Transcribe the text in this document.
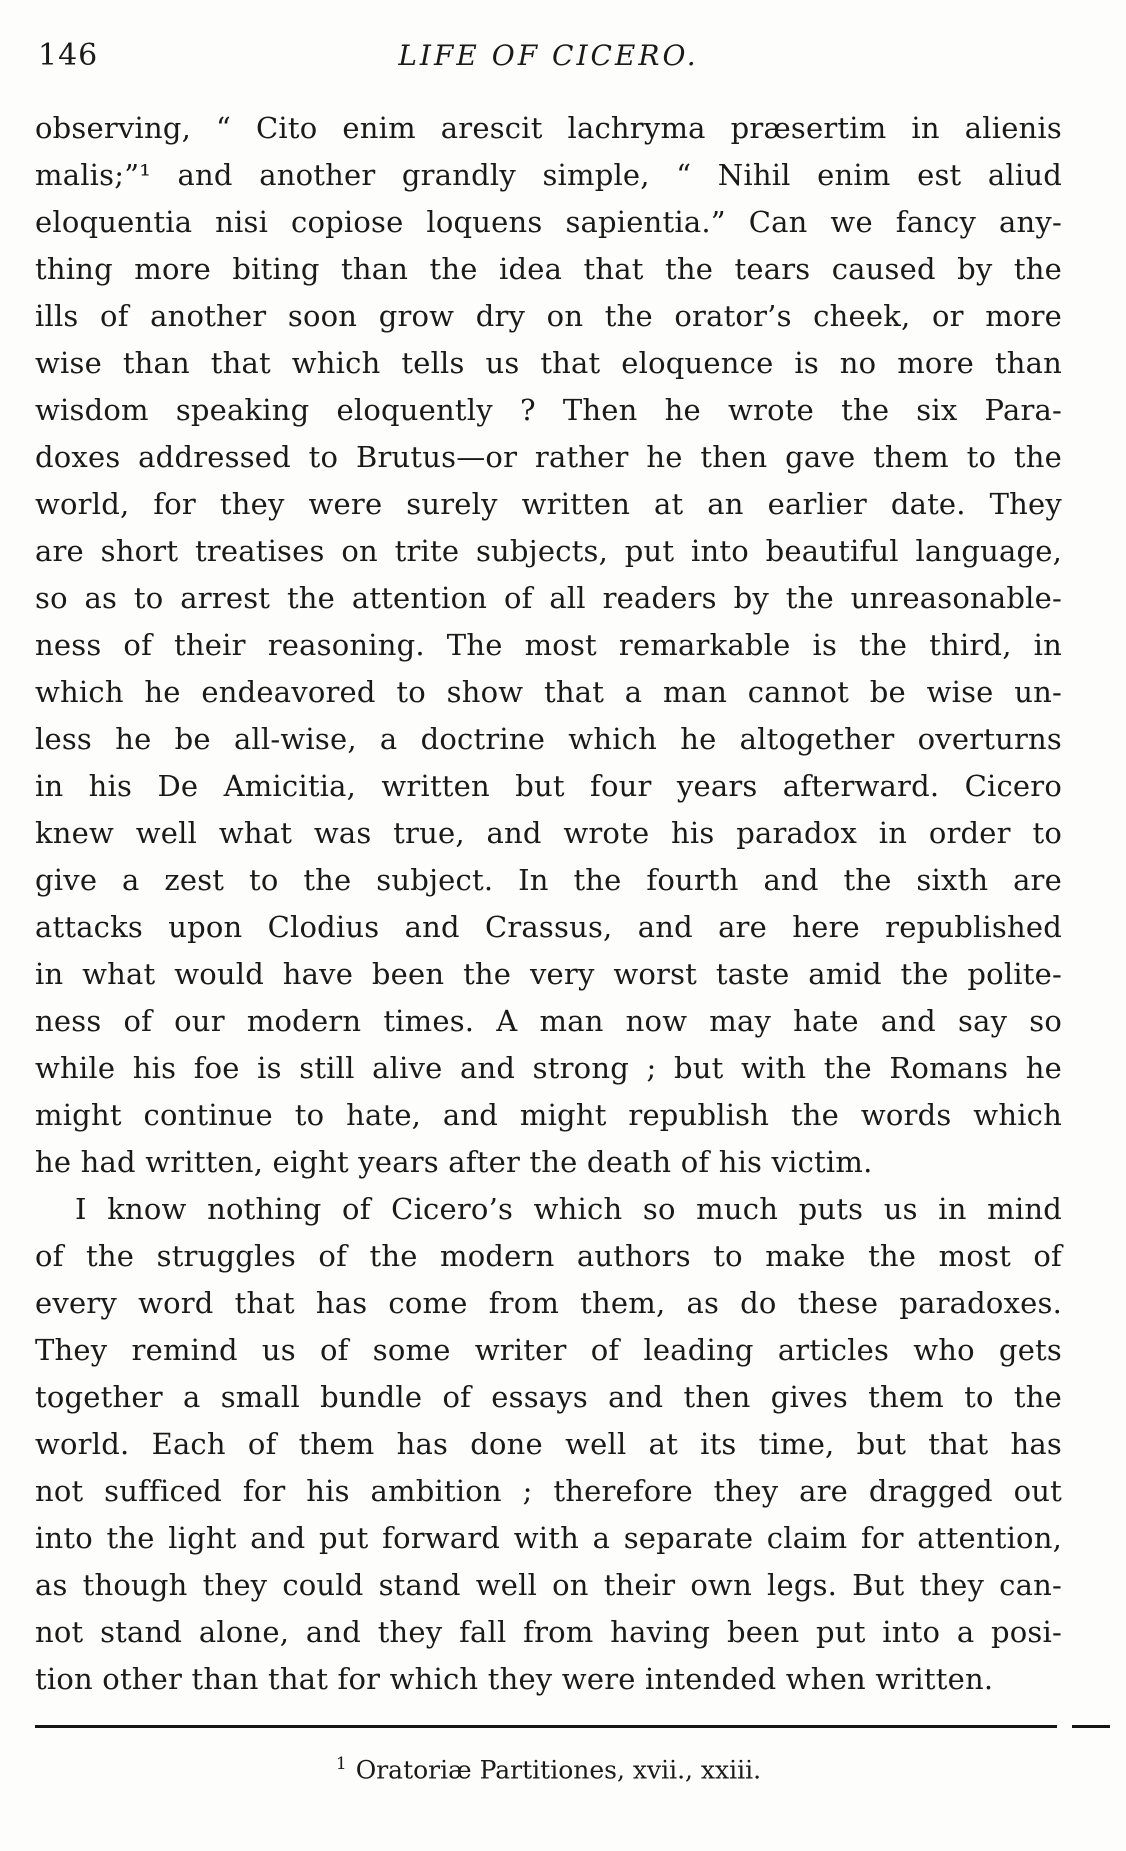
146	LIFE OF CICERO.
observing, “ Cito enim arescit lachryma præsertim in alienis
malis;”¹ and another grandly simple, “ Nihil enim est aliud
eloquentia nisi copiose loquens sapientia.” Can we fancy any-
thing more biting than the idea that the tears caused by the
ills of another soon grow dry on the orator’s cheek, or more
wise than that which tells us that eloquence is no more than
wisdom speaking eloquently ? Then he wrote the six Para-
doxes addressed to Brutus—or rather he then gave them to the
world, for they were surely written at an earlier date. They
are short treatises on trite subjects, put into beautiful language,
so as to arrest the attention of all readers by the unreasonable-
ness of their reasoning. The most remarkable is the third, in
which he endeavored to show that a man cannot be wise un-
less he be all-wise, a doctrine which he altogether overturns
in his De Amicitia, written but four years afterward. Cicero
knew well what was true, and wrote his paradox in order to
give a zest to the subject. In the fourth and the sixth are
attacks upon Clodius and Crassus, and are here republished
in what would have been the very worst taste amid the polite-
ness of our modern times. A man now may hate and say so
while his foe is still alive and strong ; but with the Romans he
might continue to hate, and might republish the words which
he had written, eight years after the death of his victim.
I know nothing of Cicero’s which so much puts us in mind
of the struggles of the modern authors to make the most of
every word that has come from them, as do these paradoxes.
They remind us of some writer of leading articles who gets
together a small bundle of essays and then gives them to the
world. Each of them has done well at its time, but that has
not sufficed for his ambition ; therefore they are dragged out
into the light and put forward with a separate claim for attention,
as though they could stand well on their own legs. But they can-
not stand alone, and they fall from having been put into a posi-
tion other than that for which they were intended when written.
$^1$ Oratoriæ Partitiones, xvii., xxiii.
